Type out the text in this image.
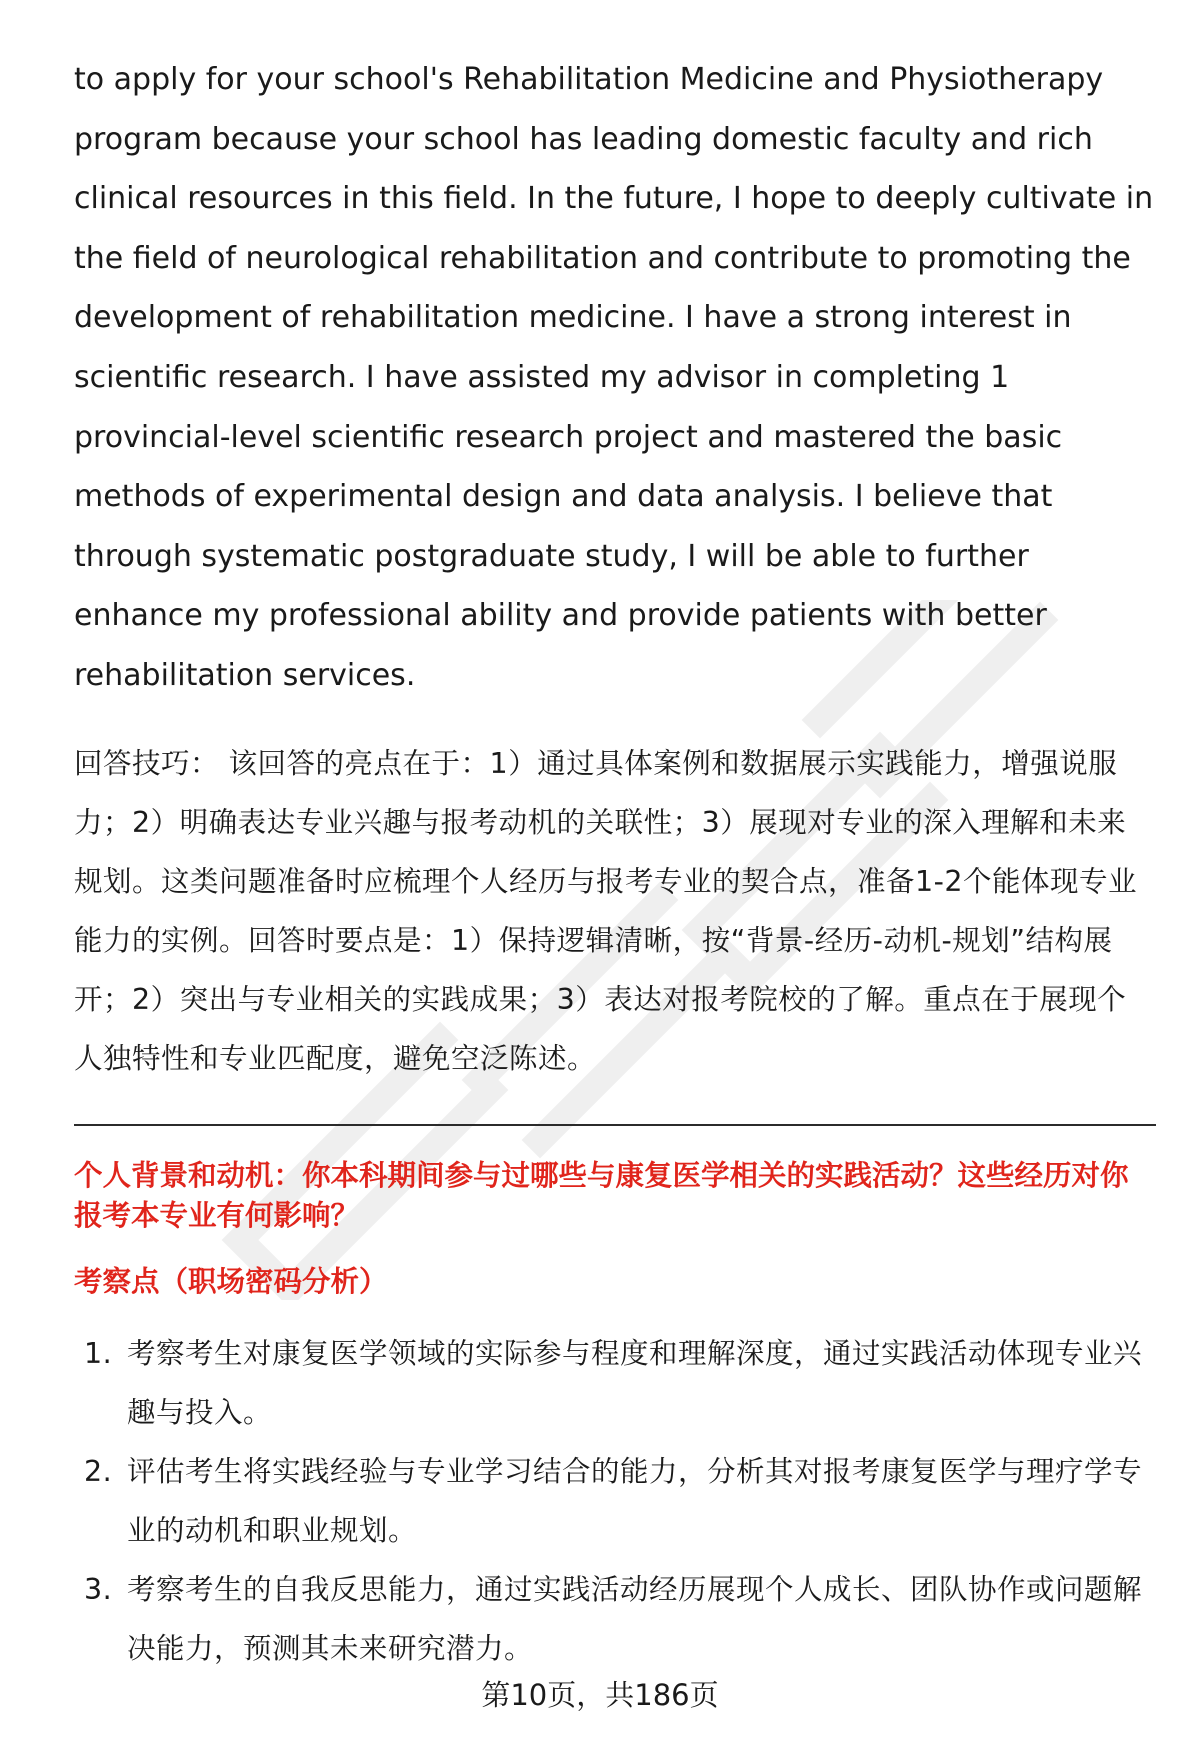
to apply for your school's Rehabilitation Medicine and Physiotherapy program because your school has leading domestic faculty and rich clinical resources in this field. In the future, I hope to deeply cultivate in the field of neurological rehabilitation and contribute to promoting the development of rehabilitation medicine. I have a strong interest in scientific research. I have assisted my advisor in completing 1 provincial-level scientific research project and mastered the basic methods of experimental design and data analysis. I believe that through systematic postgraduate study, I will be able to further enhance my professional ability and provide patients with better rehabilitation services.

回答技巧： 该回答的亮点在于：1）通过具体案例和数据展示实践能力，增强说服力；2）明确表达专业兴趣与报考动机的关联性；3）展现对专业的深入理解和未来规划。这类问题准备时应梳理个人经历与报考专业的契合点，准备1-2个能体现专业能力的实例。回答时要点是：1）保持逻辑清晰，按“背景-经历-动机-规划”结构展开；2）突出与专业相关的实践成果；3）表达对报考院校的了解。重点在于展现个人独特性和专业匹配度，避免空泛陈述。

个人背景和动机：你本科期间参与过哪些与康复医学相关的实践活动？这些经历对你报考本专业有何影响？
考察点（职场密码分析）
1. 考察考生对康复医学领域的实际参与程度和理解深度，通过实践活动体现专业兴趣与投入。
2. 评估考生将实践经验与专业学习结合的能力，分析其对报考康复医学与理疗学专业的动机和职业规划。
3. 考察考生的自我反思能力，通过实践活动经历展现个人成长、团队协作或问题解决能力，预测其未来研究潜力。
第10页，共186页
